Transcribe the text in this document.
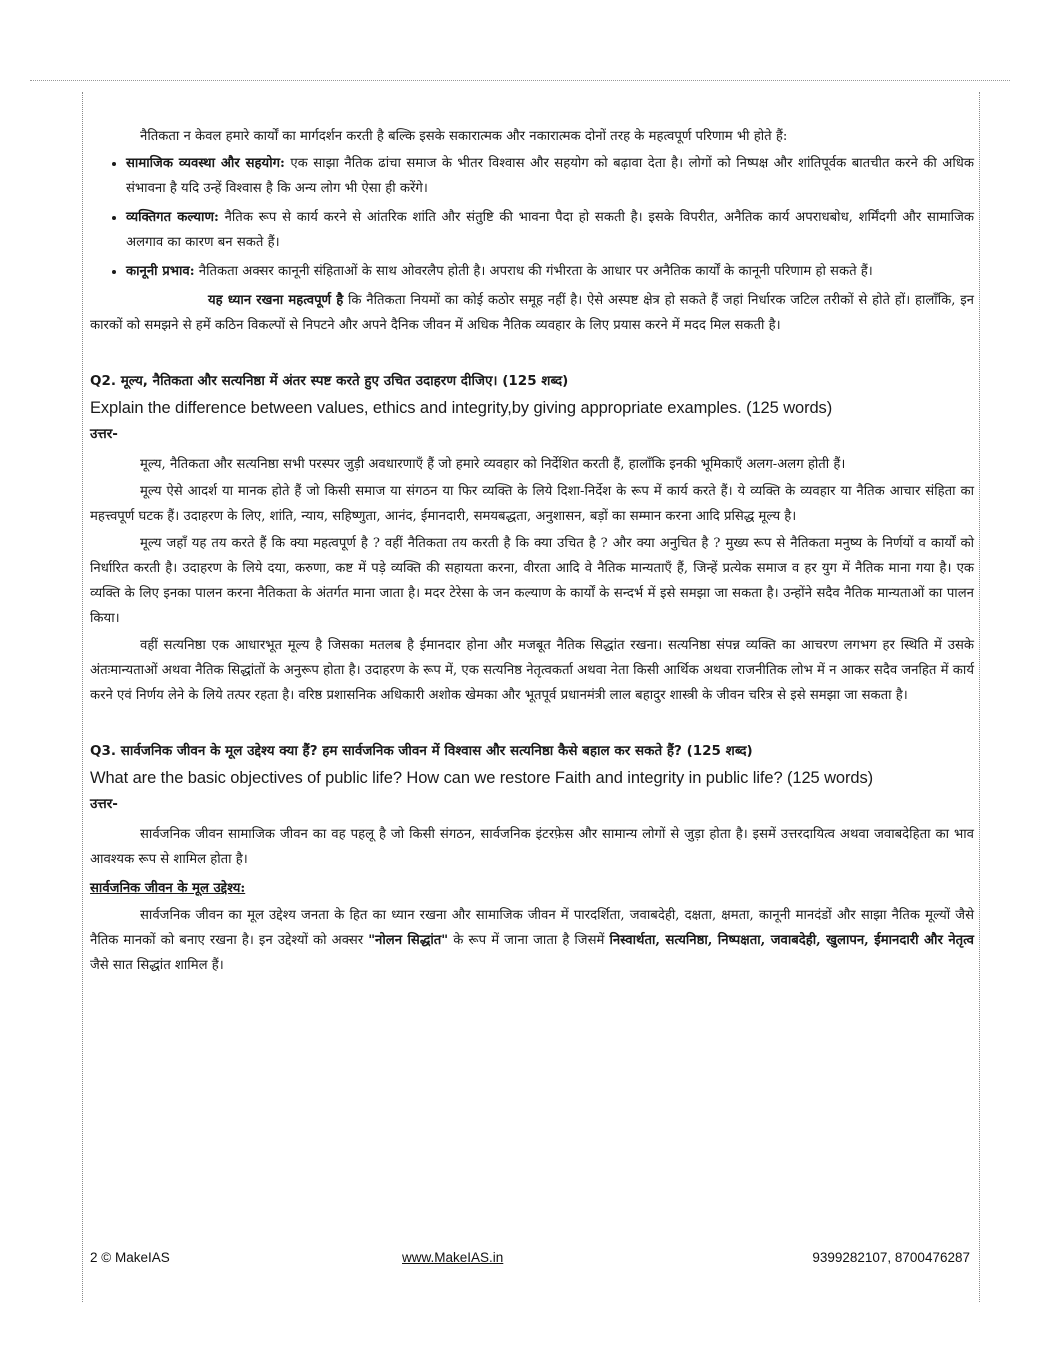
नैतिकता न केवल हमारे कार्यों का मार्गदर्शन करती है बल्कि इसके सकारात्मक और नकारात्मक दोनों तरह के महत्वपूर्ण परिणाम भी होते हैं:

• सामाजिक व्यवस्था और सहयोग: एक साझा नैतिक ढांचा समाज के भीतर विश्वास और सहयोग को बढ़ावा देता है। लोगों को निष्पक्ष और शांतिपूर्वक बातचीत करने की अधिक संभावना है यदि उन्हें विश्वास है कि अन्य लोग भी ऐसा ही करेंगे।
• व्यक्तिगत कल्याण: नैतिक रूप से कार्य करने से आंतरिक शांति और संतुष्टि की भावना पैदा हो सकती है। इसके विपरीत, अनैतिक कार्य अपराधबोध, शर्मिंदगी और सामाजिक अलगाव का कारण बन सकते हैं।
• कानूनी प्रभाव: नैतिकता अक्सर कानूनी संहिताओं के साथ ओवरलैप होती है। अपराध की गंभीरता के आधार पर अनैतिक कार्यों के कानूनी परिणाम हो सकते हैं।

यह ध्यान रखना महत्वपूर्ण है कि नैतिकता नियमों का कोई कठोर समूह नहीं है। ऐसे अस्पष्ट क्षेत्र हो सकते हैं जहां निर्धारक जटिल तरीकों से होते हों। हालाँकि, इन कारकों को समझने से हमें कठिन विकल्पों से निपटने और अपने दैनिक जीवन में अधिक नैतिक व्यवहार के लिए प्रयास करने में मदद मिल सकती है।

Q2. मूल्य, नैतिकता और सत्यनिष्ठा में अंतर स्पष्ट करते हुए उचित उदाहरण दीजिए। (125 शब्द)
Explain the difference between values, ethics and integrity,by giving appropriate examples. (125 words)
उत्तर-

मूल्य, नैतिकता और सत्यनिष्ठा सभी परस्पर जुड़ी अवधारणाएँ हैं जो हमारे व्यवहार को निर्देशित करती हैं, हालाँकि इनकी भूमिकाएँ अलग-अलग होती हैं।

मूल्य ऐसे आदर्श या मानक होते हैं जो किसी समाज या संगठन या फिर व्यक्ति के लिये दिशा-निर्देश के रूप में कार्य करते हैं। ये व्यक्ति के व्यवहार या नैतिक आचार संहिता का महत्त्वपूर्ण घटक हैं। उदाहरण के लिए, शांति, न्याय, सहिष्णुता, आनंद, ईमानदारी, समयबद्धता, अनुशासन, बड़ों का सम्मान करना आदि प्रसिद्ध मूल्य है।

मूल्य जहाँ यह तय करते हैं कि क्या महत्वपूर्ण है ? वहीं नैतिकता तय करती है कि क्या उचित है ? और क्या अनुचित है ? मुख्य रूप से नैतिकता मनुष्य के निर्णयों व कार्यों को निर्धारित करती है। उदाहरण के लिये दया, करुणा, कष्ट में पड़े व्यक्ति की सहायता करना, वीरता आदि वे नैतिक मान्यताएँ हैं, जिन्हें प्रत्येक समाज व हर युग में नैतिक माना गया है। एक व्यक्ति के लिए इनका पालन करना नैतिकता के अंतर्गत माना जाता है। मदर टेरेसा के जन कल्याण के कार्यों के सन्दर्भ में इसे समझा जा सकता है। उन्होंने सदैव नैतिक मान्यताओं का पालन किया।

वहीं सत्यनिष्ठा एक आधारभूत मूल्य है जिसका मतलब है ईमानदार होना और मजबूत नैतिक सिद्धांत रखना। सत्यनिष्ठा संपन्न व्यक्ति का आचरण लगभग हर स्थिति में उसके अंतःमान्यताओं अथवा नैतिक सिद्धांतों के अनुरूप होता है। उदाहरण के रूप में, एक सत्यनिष्ठ नेतृत्वकर्ता अथवा नेता किसी आर्थिक अथवा राजनीतिक लोभ में न आकर सदैव जनहित में कार्य करने एवं निर्णय लेने के लिये तत्पर रहता है। वरिष्ठ प्रशासनिक अधिकारी अशोक खेमका और भूतपूर्व प्रधानमंत्री लाल बहादुर शास्त्री के जीवन चरित्र से इसे समझा जा सकता है।

Q3. सार्वजनिक जीवन के मूल उद्देश्य क्या हैं? हम सार्वजनिक जीवन में विश्वास और सत्यनिष्ठा कैसे बहाल कर सकते हैं? (125 शब्द)
What are the basic objectives of public life? How can we restore Faith and integrity in public life? (125 words)
उत्तर-

सार्वजनिक जीवन सामाजिक जीवन का वह पहलू है जो किसी संगठन, सार्वजनिक इंटरफ़ेस और सामान्य लोगों से जुड़ा होता है। इसमें उत्तरदायित्व अथवा जवाबदेहिता का भाव आवश्यक रूप से शामिल होता है।

सार्वजनिक जीवन के मूल उद्देश्य:

सार्वजनिक जीवन का मूल उद्देश्य जनता के हित का ध्यान रखना और सामाजिक जीवन में पारदर्शिता, जवाबदेही, दक्षता, क्षमता, कानूनी मानदंडों और साझा नैतिक मूल्यों जैसे नैतिक मानकों को बनाए रखना है। इन उद्देश्यों को अक्सर "नोलन सिद्धांत" के रूप में जाना जाता है जिसमें निस्वार्थता, सत्यनिष्ठा, निष्पक्षता, जवाबदेही, खुलापन, ईमानदारी और नेतृत्व जैसे सात सिद्धांत शामिल हैं।

2 © MakeIAS	www.MakeIAS.in	9399282107, 8700476287
